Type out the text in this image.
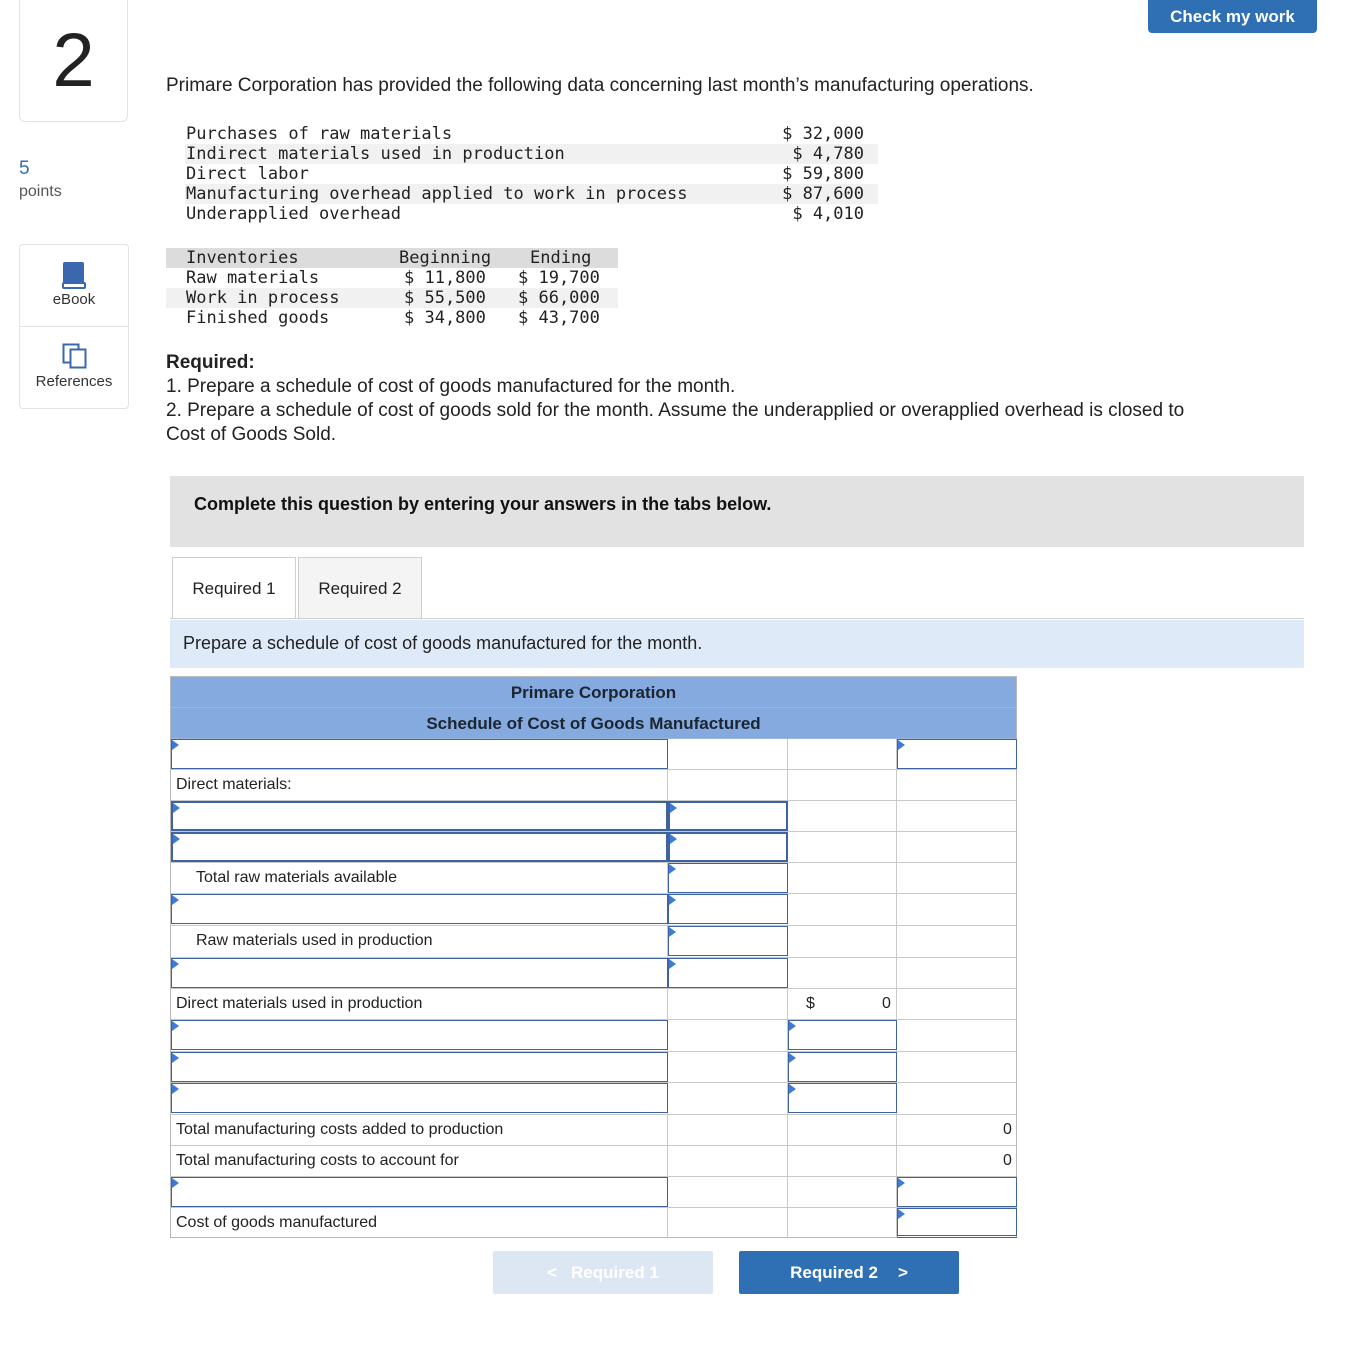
2
5
points
eBook
References
Check my work
Primare Corporation has provided the following data concerning last month’s manufacturing operations.
Purchases of raw materials	$ 32,000
Indirect materials used in production	$ 4,780
Direct labor	$ 59,800
Manufacturing overhead applied to work in process	$ 87,600
Underapplied overhead	$ 4,010
Inventories	Beginning Ending
Raw materials	$ 11,800 $ 19,700
Work in process	$ 55,500 $ 66,000
Finished goods	$ 34,800 $ 43,700
Required:
1. Prepare a schedule of cost of goods manufactured for the month.
2. Prepare a schedule of cost of goods sold for the month. Assume the underapplied or overapplied overhead is closed to
Cost of Goods Sold.
Complete this question by entering your answers in the tabs below.
Required 1	Required 2
Prepare a schedule of cost of goods manufactured for the month.
Primare Corporation
Schedule of Cost of Goods Manufactured
Direct materials:
Total raw materials available
Raw materials used in production
Direct materials used in production	$	0
Total manufacturing costs added to production	0
Total manufacturing costs to account for	0
Cost of goods manufactured
< Required 1	Required 2 >
